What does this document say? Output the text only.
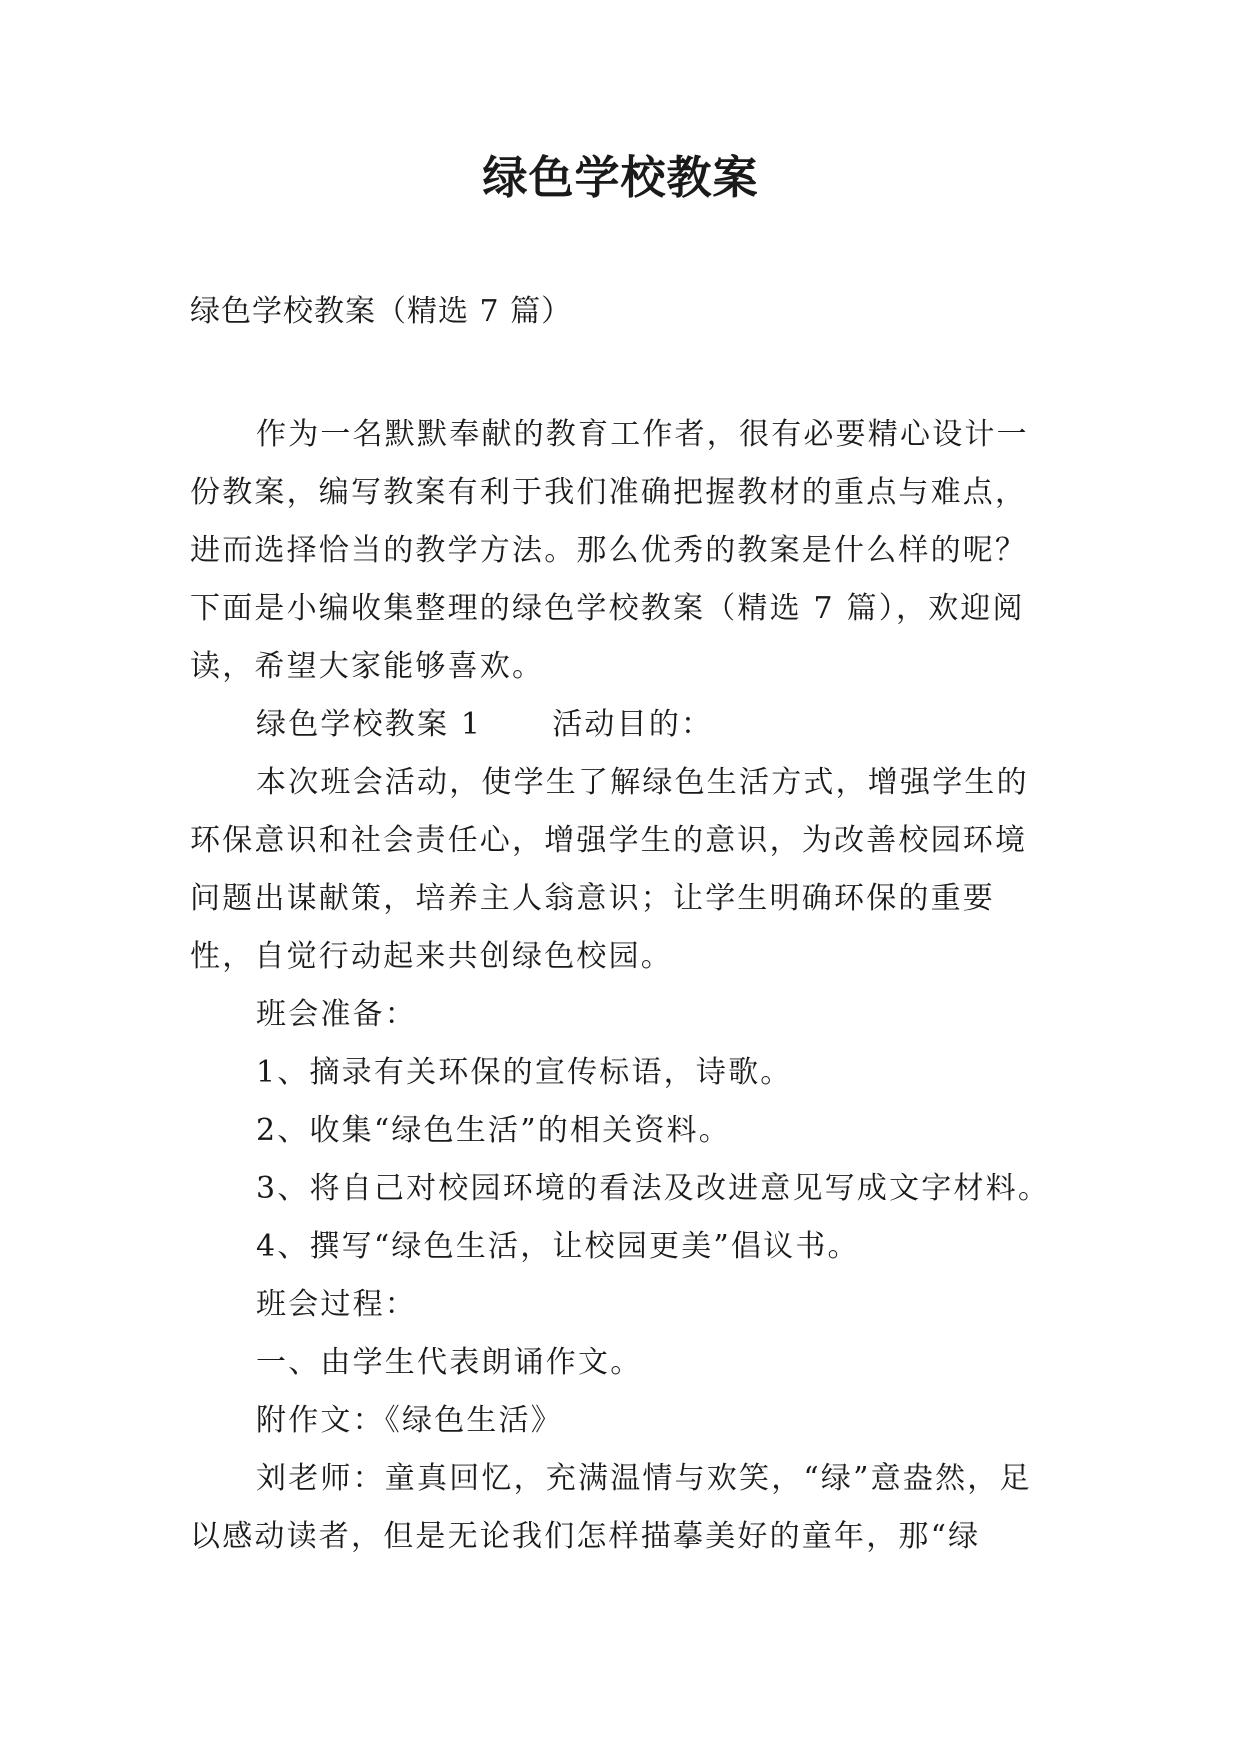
绿色学校教案
绿色学校教案（精选 7 篇）

作为一名默默奉献的教育工作者，很有必要精心设计一份教案，编写教案有利于我们准确把握教材的重点与难点，进而选择恰当的教学方法。那么优秀的教案是什么样的呢？下面是小编收集整理的绿色学校教案（精选 7 篇），欢迎阅读，希望大家能够喜欢。

绿色学校教案 1 活动目的：

本次班会活动，使学生了解绿色生活方式，增强学生的环保意识和社会责任心，增强学生的意识，为改善校园环境问题出谋献策，培养主人翁意识；让学生明确环保的重要性，自觉行动起来共创绿色校园。

班会准备：

1、摘录有关环保的宣传标语，诗歌。

2、收集“绿色生活”的相关资料。

3、将自己对校园环境的看法及改进意见写成文字材料。

4、撰写“绿色生活，让校园更美”倡议书。

班会过程：

一、由学生代表朗诵作文。

附作文：《绿色生活》

刘老师：童真回忆，充满温情与欢笑，“绿”意盎然，足以感动读者，但是无论我们怎样描摹美好的童年，那“绿
